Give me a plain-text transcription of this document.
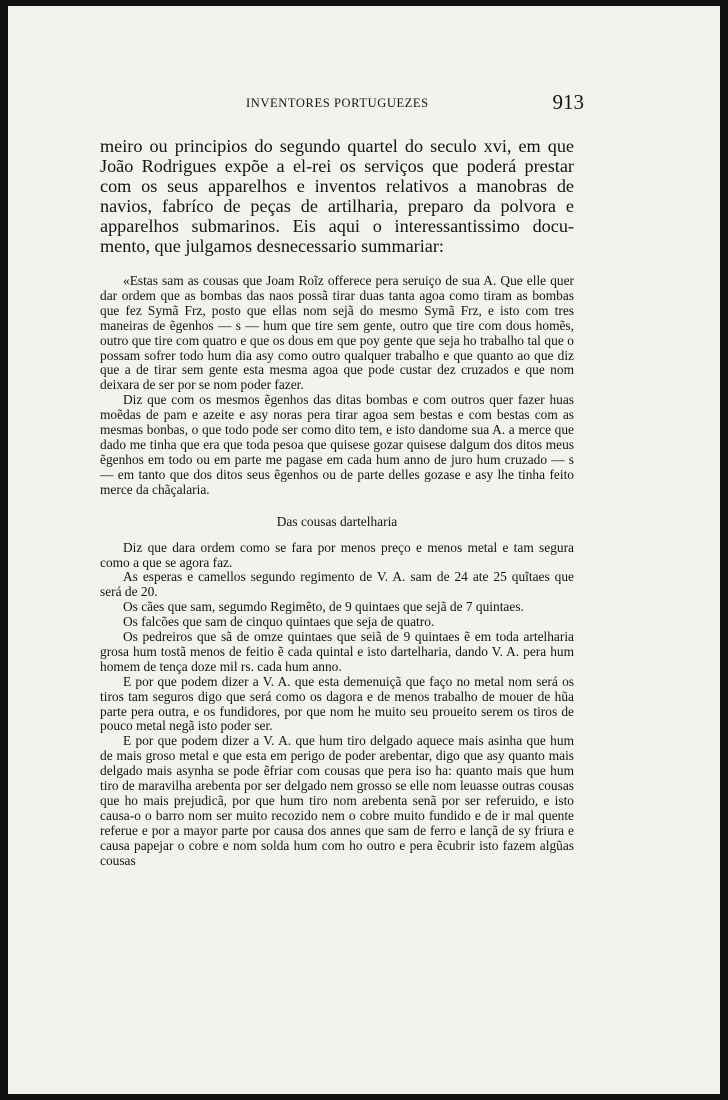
INVENTORES PORTUGUEZES	913

meiro ou principios do segundo quartel do seculo xvi, em que
João Rodrigues expõe a el-rei os serviços que poderá prestar
com os seus apparelhos e inventos relativos a manobras de
navios, fabríco de peças de artilharia, preparo da polvora e
apparelhos submarinos. Eis aqui o interessantissimo docu-
mento, que julgamos desnecessario summariar:

«Estas sam as cousas que Joam Roĩz offerece pera seruiço de sua A. Que elle quer dar ordem que as bombas das naos possã tirar duas tanta agoa como tiram as bombas que fez Symã Frz, posto que ellas nom sejã do mesmo Symã Frz, e isto com tres maneiras de ẽgenhos — s — hum que tire sem gente, outro que tire com dous homẽs, outro que tire com quatro e que os dous em que poy gente que seja ho trabalho tal que o possam sofrer todo hum dia asy como outro qualquer trabalho e que quanto ao que diz que a de tirar sem gente esta mesma agoa que pode custar dez cruzados e que nom deixara de ser por se nom poder fazer.

Diz que com os mesmos ẽgenhos das ditas bombas e com outros quer fazer huas moẽdas de pam e azeite e asy noras pera tirar agoa sem bestas e com bestas com as mesmas bonbas, o que todo pode ser como dito tem, e isto dandome sua A. a merce que dado me tinha que era que toda pesoa que quisese gozar quisese dalgum dos ditos meus ẽgenhos em todo ou em parte me pagase em cada hum anno de juro hum cruzado — s — em tanto que dos ditos seus ẽgenhos ou de parte delles gozase e asy lhe tinha feito merce da chãçalaria.

Das cousas dartelharia

Diz que dara ordem como se fara por menos preço e menos metal e tam segura como a que se agora faz.

As esperas e camellos segundo regimento de V. A. sam de 24 ate 25 quĩtaes que será de 20.

Os cães que sam, segumdo Regimẽto, de 9 quintaes que sejã de 7 quintaes.

Os falcões que sam de cinquo quintaes que seja de quatro.

Os pedreiros que sã de omze quintaes que seiã de 9 quintaes ẽ em toda artelharia grosa hum tostã menos de feitio ẽ cada quintal e isto dartelharia, dando V. A. pera hum homem de tença doze mil rs. cada hum anno.

E por que podem dizer a V. A. que esta demenuiçã que faço no metal nom será os tiros tam seguros digo que será como os dagora e de menos trabalho de mouer de hũa parte pera outra, e os fundidores, por que nom he muito seu proueito serem os tiros de pouco metal negã isto poder ser.

E por que podem dizer a V. A. que hum tiro delgado aquece mais asinha que hum de mais groso metal e que esta em perigo de poder arebentar, digo que asy quanto mais delgado mais asynha se pode ẽfriar com cousas que pera iso ha: quanto mais que hum tiro de maravilha arebenta por ser delgado nem grosso se elle nom leuasse outras cousas que ho mais prejudicã, por que hum tiro nom arebenta senã por ser referuido, e isto causa-o o barro nom ser muito recozido nem o cobre muito fundido e de ir mal quente referue e por a mayor parte por causa dos annes que sam de ferro e lançã de sy friura e causa papejar o cobre e nom solda hum com ho outro e pera ẽcubrir isto fazem algũas cousas
